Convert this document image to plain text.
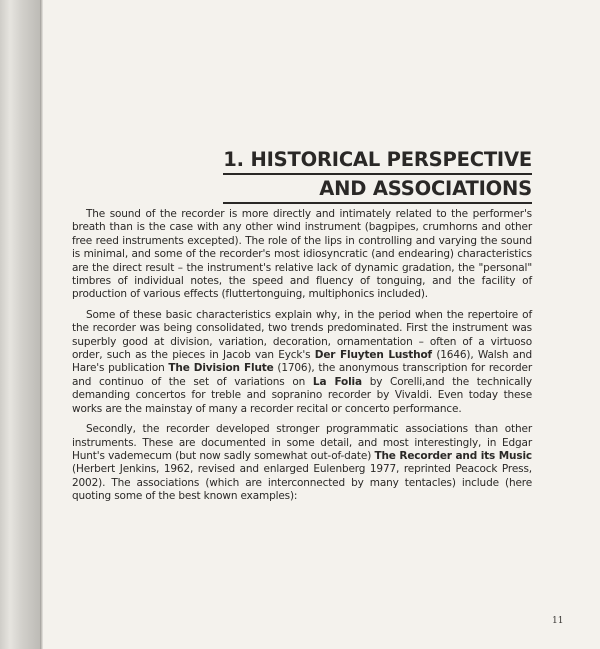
1. HISTORICAL PERSPECTIVE
AND ASSOCIATIONS

The sound of the recorder is more directly and intimately related to the performer's breath than is the case with any other wind instrument (bagpipes, crumhorns and other free reed instruments excepted). The role of the lips in controlling and varying the sound is minimal, and some of the recorder's most idiosyncratic (and endearing) characteristics are the direct result – the instrument's relative lack of dynamic gradation, the "personal" timbres of individual notes, the speed and fluency of tonguing, and the facility of production of various effects (fluttertonguing, multiphonics included).

Some of these basic characteristics explain why, in the period when the repertoire of the recorder was being consolidated, two trends predominated. First the instrument was superbly good at division, variation, decoration, ornamentation – often of a virtuoso order, such as the pieces in Jacob van Eyck's Der Fluyten Lusthof (1646), Walsh and Hare's publication The Division Flute (1706), the anonymous transcription for recorder and continuo of the set of variations on La Folia by Corelli,and the technically demanding concertos for treble and sopranino recorder by Vivaldi. Even today these works are the mainstay of many a recorder recital or concerto performance.

Secondly, the recorder developed stronger programmatic associations than other instruments. These are documented in some detail, and most interestingly, in Edgar Hunt's vademecum (but now sadly somewhat out-of-date) The Recorder and its Music (Herbert Jenkins, 1962, revised and enlarged Eulenberg 1977, reprinted Peacock Press, 2002). The associations (which are interconnected by many tentacles) include (here quoting some of the best known examples):

11
